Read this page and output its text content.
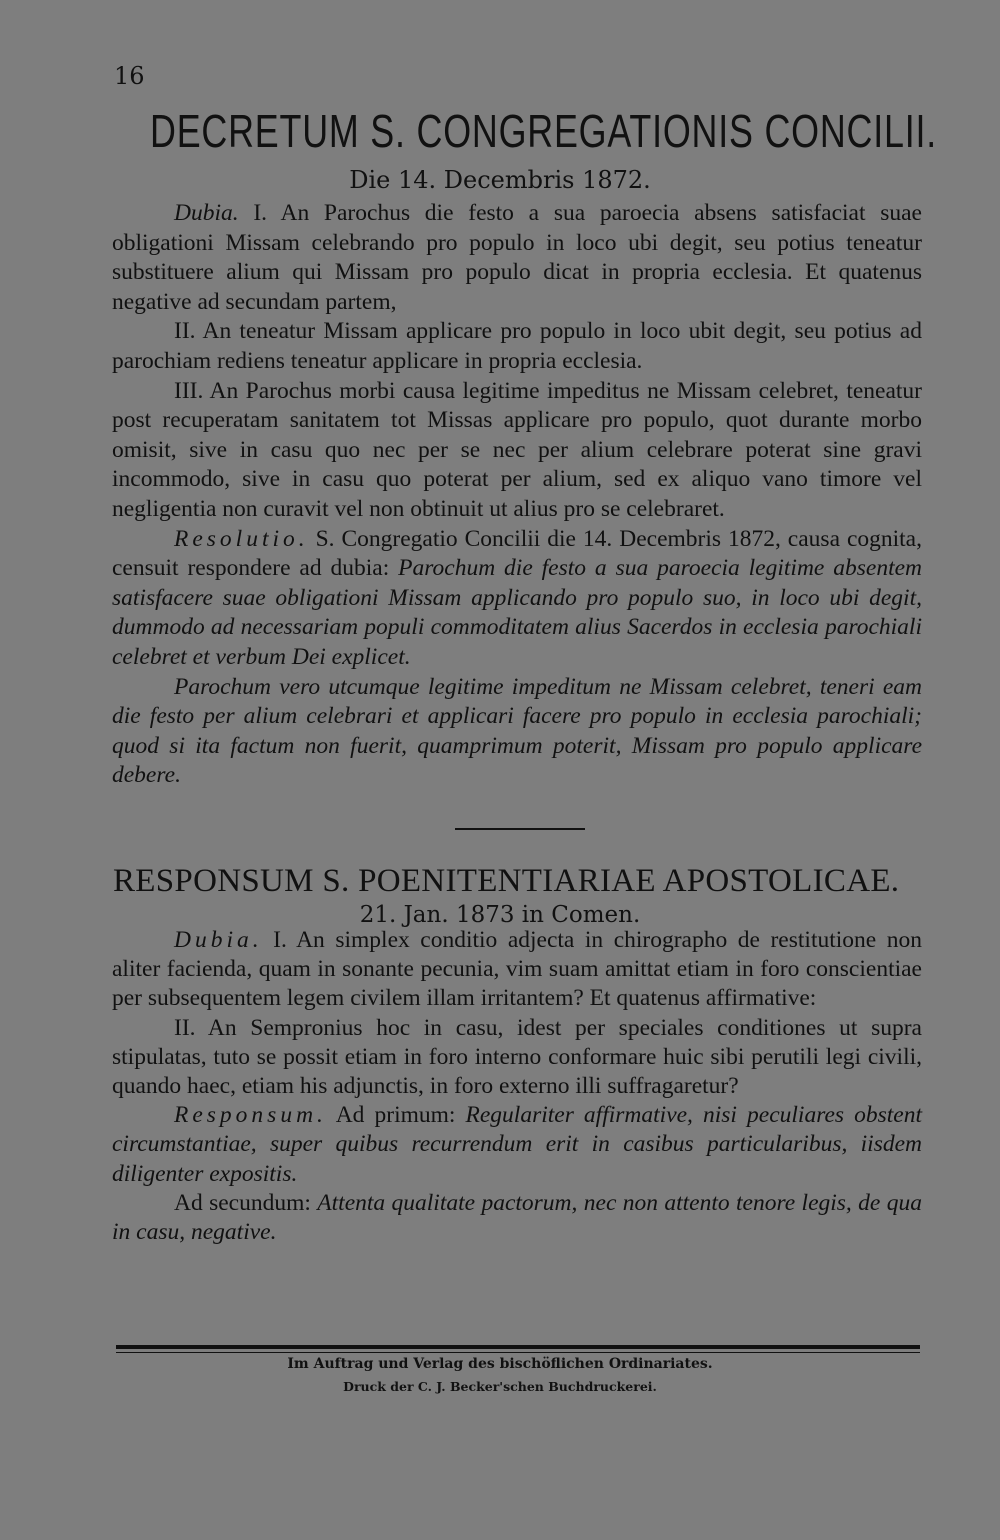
16
DECRETUM S. CONGREGATIONIS CONCILII.
Die 14. Decembris 1872.

Dubia. I. An Parochus die festo a sua paroecia absens satisfaciat suae obligationi Missam celebrando pro populo in loco ubi degit, seu potius teneatur substituere alium qui Missam pro populo dicat in propria ecclesia. Et quatenus negative ad secundam partem,

II. An teneatur Missam applicare pro populo in loco ubit degit, seu potius ad parochiam rediens teneatur applicare in propria ecclesia.

III. An Parochus morbi causa legitime impeditus ne Missam celebret, teneatur post recuperatam sanitatem tot Missas applicare pro populo, quot durante morbo omisit, sive in casu quo nec per se nec per alium celebrare poterat sine gravi incommodo, sive in casu quo poterat per alium, sed ex aliquo vano timore vel negligentia non curavit vel non obtinuit ut alius pro se celebraret.

Resolutio. S. Congregatio Concilii die 14. Decembris 1872, causa cognita, censuit respondere ad dubia: Parochum die festo a sua paroecia legitime absentem satisfacere suae obligationi Missam applicando pro populo suo, in loco ubi degit, dummodo ad necessariam populi commoditatem alius Sacerdos in ecclesia parochiali celebret et verbum Dei explicet.

Parochum vero utcumque legitime impeditum ne Missam celebret, teneri eam die festo per alium celebrari et applicari facere pro populo in ecclesia parochiali; quod si ita factum non fuerit, quamprimum poterit, Missam pro populo applicare debere.

RESPONSUM S. POENITENTIARIAE APOSTOLICAE.
21. Jan. 1873 in Comen.

Dubia. I. An simplex conditio adjecta in chirographo de restitutione non aliter facienda, quam in sonante pecunia, vim suam amittat etiam in foro conscientiae per subsequentem legem civilem illam irritantem? Et quatenus affirmative:

II. An Sempronius hoc in casu, idest per speciales conditiones ut supra stipulatas, tuto se possit etiam in foro interno conformare huic sibi perutili legi civili, quando haec, etiam his adjunctis, in foro externo illi suffragaretur?

Responsum. Ad primum: Regulariter affirmative, nisi peculiares obstent circumstantiae, super quibus recurrendum erit in casibus particularibus, iisdem diligenter expositis.

Ad secundum: Attenta qualitate pactorum, nec non attento tenore legis, de qua in casu, negative.

Im Auftrag und Verlag des bischöflichen Ordinariates.
Druck der C. J. Becker'schen Buchdruckerei.
